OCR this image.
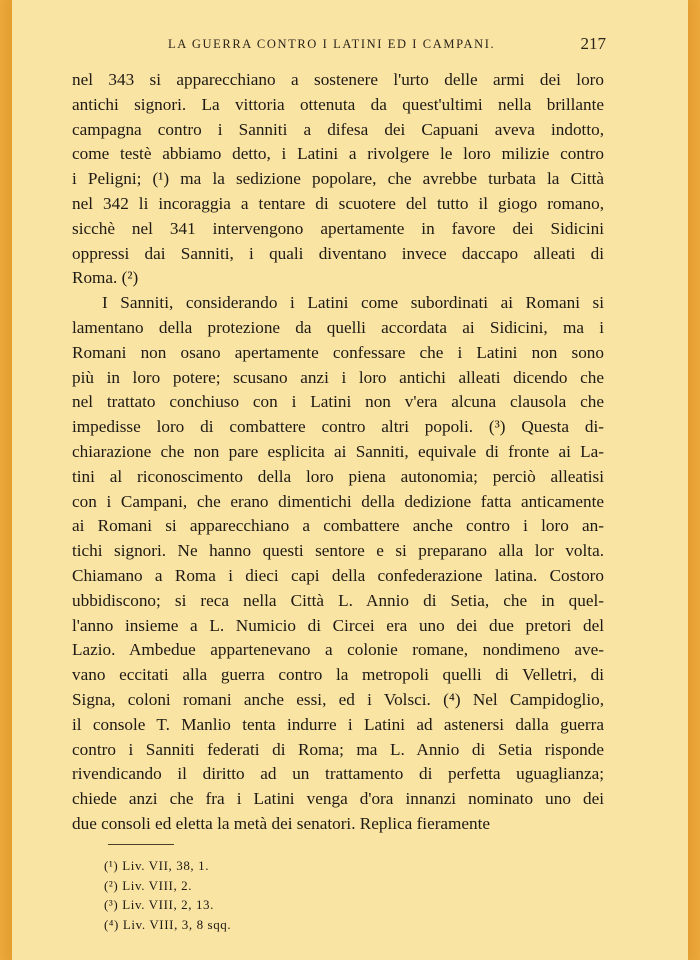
LA GUERRA CONTRO I LATINI ED I CAMPANI.	217

nel 343 si apparecchiano a sostenere l'urto delle armi dei loro
antichi signori. La vittoria ottenuta da quest'ultimi nella brillante
campagna contro i Sanniti a difesa dei Capuani aveva indotto,
come testè abbiamo detto, i Latini a rivolgere le loro milizie contro
i Peligni; (¹) ma la sedizione popolare, che avrebbe turbata la Città
nel 342 li incoraggia a tentare di scuotere del tutto il giogo romano,
sicchè nel 341 intervengono apertamente in favore dei Sidicini
oppressi dai Sanniti, i quali diventano invece daccapo alleati di
Roma. (²)

I Sanniti, considerando i Latini come subordinati ai Romani si
lamentano della protezione da quelli accordata ai Sidicini, ma i
Romani non osano apertamente confessare che i Latini non sono
più in loro potere; scusano anzi i loro antichi alleati dicendo che
nel trattato conchiuso con i Latini non v'era alcuna clausola che
impedisse loro di combattere contro altri popoli. (³) Questa di-
chiarazione che non pare esplicita ai Sanniti, equivale di fronte ai La-
tini al riconoscimento della loro piena autonomia; perciò alleatisi
con i Campani, che erano dimentichi della dedizione fatta anticamente
ai Romani si apparecchiano a combattere anche contro i loro an-
tichi signori. Ne hanno questi sentore e si preparano alla lor volta.
Chiamano a Roma i dieci capi della confederazione latina. Costoro
ubbidiscono; si reca nella Città L. Annio di Setia, che in quel-
l'anno insieme a L. Numicio di Circei era uno dei due pretori del
Lazio. Ambedue appartenevano a colonie romane, nondimeno ave-
vano eccitati alla guerra contro la metropoli quelli di Velletri, di
Signa, coloni romani anche essi, ed i Volsci. (⁴) Nel Campidoglio,
il console T. Manlio tenta indurre i Latini ad astenersi dalla guerra
contro i Sanniti federati di Roma; ma L. Annio di Setia risponde
rivendicando il diritto ad un trattamento di perfetta uguaglianza;
chiede anzi che fra i Latini venga d'ora innanzi nominato uno dei
due consoli ed eletta la metà dei senatori. Replica fieramente

(¹) Liv. VII, 38, 1.
(²) Liv. VIII, 2.
(³) Liv. VIII, 2, 13.
(⁴) Liv. VIII, 3, 8 sqq.
